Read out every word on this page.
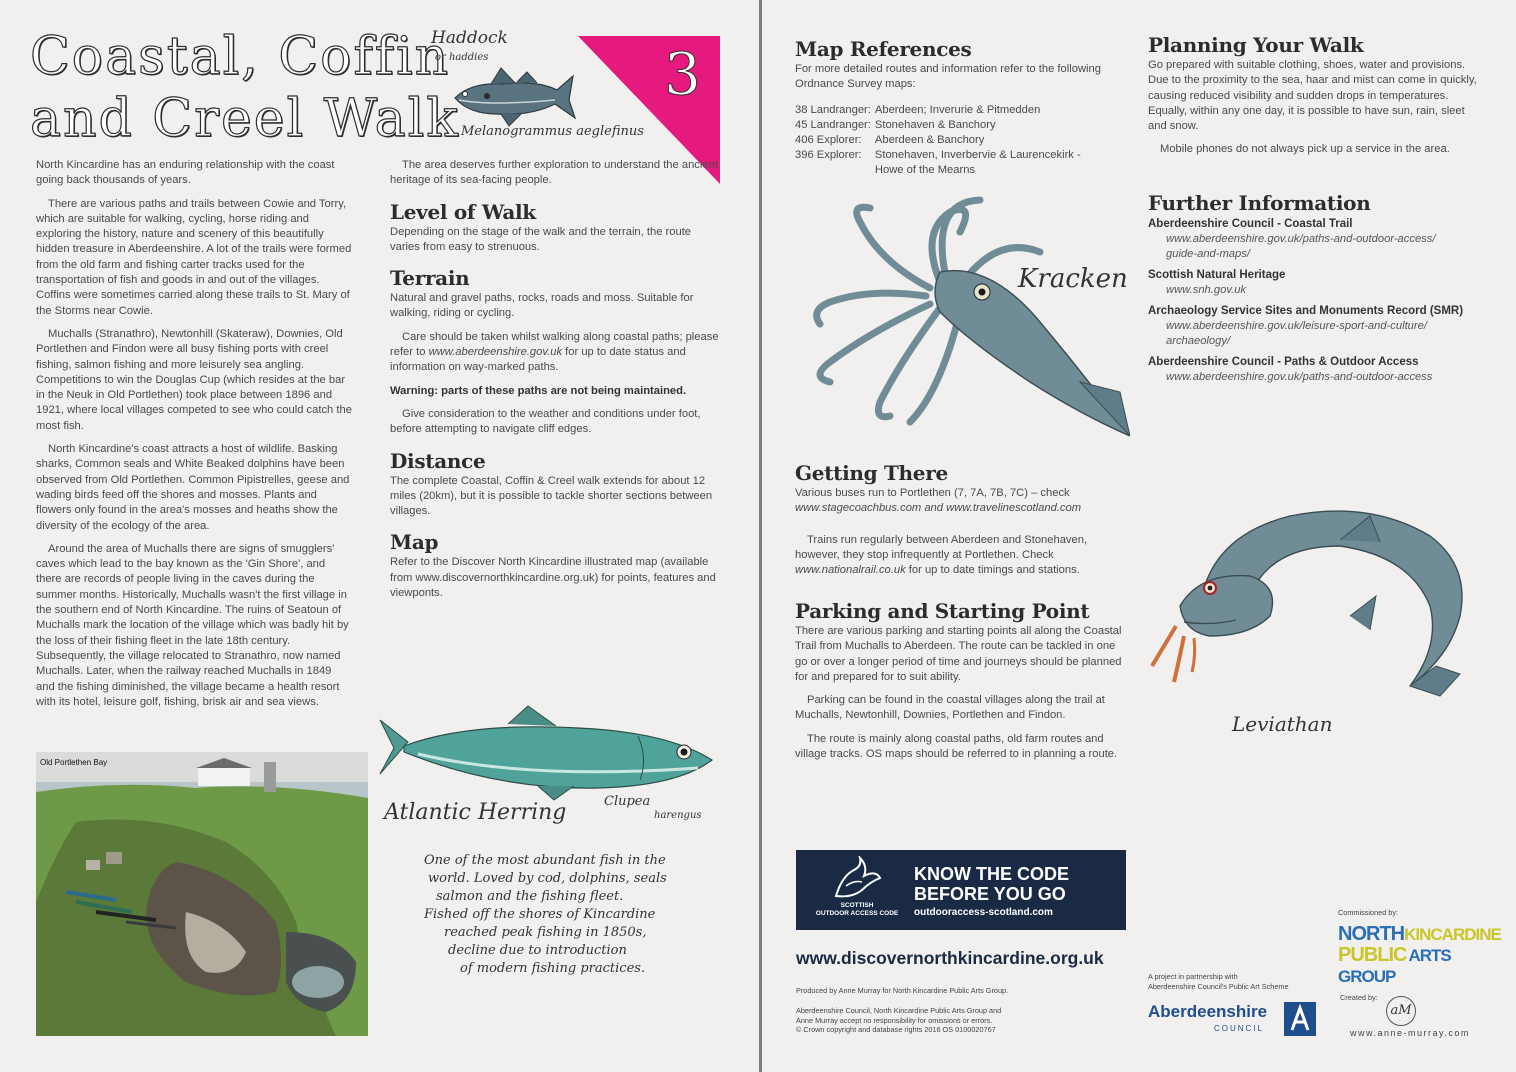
Coastal, Coffin
and Creel Walk
Haddock
or haddies
Melanogrammus aeglefinus
3

North Kincardine has an enduring relationship with the coast going back thousands of years.

There are various paths and trails between Cowie and Torry, which are suitable for walking, cycling, horse riding and exploring the history, nature and scenery of this beautifully hidden treasure in Aberdeenshire. A lot of the trails were formed from the old farm and fishing carter tracks used for the transportation of fish and goods in and out of the villages. Coffins were sometimes carried along these trails to St. Mary of the Storms near Cowie.

Muchalls (Stranathro), Newtonhill (Skateraw), Downies, Old Portlethen and Findon were all busy fishing ports with creel fishing, salmon fishing and more leisurely sea angling. Competitions to win the Douglas Cup (which resides at the bar in the Neuk in Old Portlethen) took place between 1896 and 1921, where local villages competed to see who could catch the most fish.

North Kincardine's coast attracts a host of wildlife. Basking sharks, Common seals and White Beaked dolphins have been observed from Old Portlethen. Common Pipistrelles, geese and wading birds feed off the shores and mosses. Plants and flowers only found in the area's mosses and heaths show the diversity of the ecology of the area.

Around the area of Muchalls there are signs of smugglers' caves which lead to the bay known as the 'Gin Shore', and there are records of people living in the caves during the summer months. Historically, Muchalls wasn't the first village in the southern end of North Kincardine. The ruins of Seatoun of Muchalls mark the location of the village which was badly hit by the loss of their fishing fleet in the late 18th century. Subsequently, the village relocated to Stranathro, now named Muchalls. Later, when the railway reached Muchalls in 1849 and the fishing diminished, the village became a health resort with its hotel, leisure golf, fishing, brisk air and sea views.

Old Portlethen Bay

The area deserves further exploration to understand the ancient heritage of its sea-facing people.

Level of Walk

Depending on the stage of the walk and the terrain, the route varies from easy to strenuous.

Terrain

Natural and gravel paths, rocks, roads and moss. Suitable for walking, riding or cycling.

Care should be taken whilst walking along coastal paths; please refer to www.aberdeenshire.gov.uk for up to date status and information on way-marked paths.

Warning: parts of these paths are not being maintained.

Give consideration to the weather and conditions under foot, before attempting to navigate cliff edges.

Distance

The complete Coastal, Coffin & Creel walk extends for about 12 miles (20km), but it is possible to tackle shorter sections between villages.

Map

Refer to the Discover North Kincardine illustrated map (available from www.discovernorthkincardine.org.uk) for points, features and viewponts.

Atlantic Herring	Clupea
harengus
One of the most abundant fish in the
world. Loved by cod, dolphins, seals
salmon and the fishing fleet.
Fished off the shores of Kincardine
reached peak fishing in 1850s,
decline due to introduction
of modern fishing practices.
Map References

For more detailed routes and information refer to the following Ordnance Survey maps:

38 Landranger:	Aberdeen; Inverurie & Pitmedden
45 Landranger:	Stonehaven & Banchory
406 Explorer:	Aberdeen & Banchory
396 Explorer:	Stonehaven, Inverbervie & Laurencekirk - Howe of the Mearns
Kracken
Getting There

Various buses run to Portlethen (7, 7A, 7B, 7C) – check

www.stagecoachbus.com and www.travelinescotland.com

Trains run regularly between Aberdeen and Stonehaven, however, they stop infrequently at Portlethen. Check www.nationalrail.co.uk for up to date timings and stations.

Parking and Starting Point

There are various parking and starting points all along the Coastal Trail from Muchalls to Aberdeen. The route can be tackled in one go or over a longer period of time and journeys should be planned for and prepared for to suit ability.

Parking can be found in the coastal villages along the trail at Muchalls, Newtonhill, Downies, Portlethen and Findon.

The route is mainly along coastal paths, old farm routes and village tracks. OS maps should be referred to in planning a route.

Planning Your Walk

Go prepared with suitable clothing, shoes, water and provisions. Due to the proximity to the sea, haar and mist can come in quickly, causing reduced visibility and sudden drops in temperatures. Equally, within any one day, it is possible to have sun, rain, sleet and snow.

Mobile phones do not always pick up a service in the area.

Further Information
Aberdeenshire Council - Coastal Trail
www.aberdeenshire.gov.uk/paths-and-outdoor-access/
guide-and-maps/
Scottish Natural Heritage
www.snh.gov.uk
Archaeology Service Sites and Monuments Record (SMR)
www.aberdeenshire.gov.uk/leisure-sport-and-culture/
archaeology/
Aberdeenshire Council - Paths & Outdoor Access
www.aberdeenshire.gov.uk/paths-and-outdoor-access
Leviathan
SCOTTISH
OUTDOOR ACCESS CODE
KNOW THE CODE
BEFORE YOU GO
outdooraccess-scotland.com
www.discovernorthkincardine.org.uk
Produced by Anne Murray for North Kincardine Public Arts Group.
Aberdeenshire Council, North Kincardine Public Arts Group and
Anne Murray accept no responsibility for omissions or errors.
© Crown copyright and database rights 2016 OS 0100020767
A project in partnership with
Aberdeenshire Council's Public Art Scheme
Aberdeenshire
COUNCIL
Commissioned by:
NORTHKINCARDINE
PUBLIC ARTS GROUP
Created by:
aM
www.anne-murray.com
